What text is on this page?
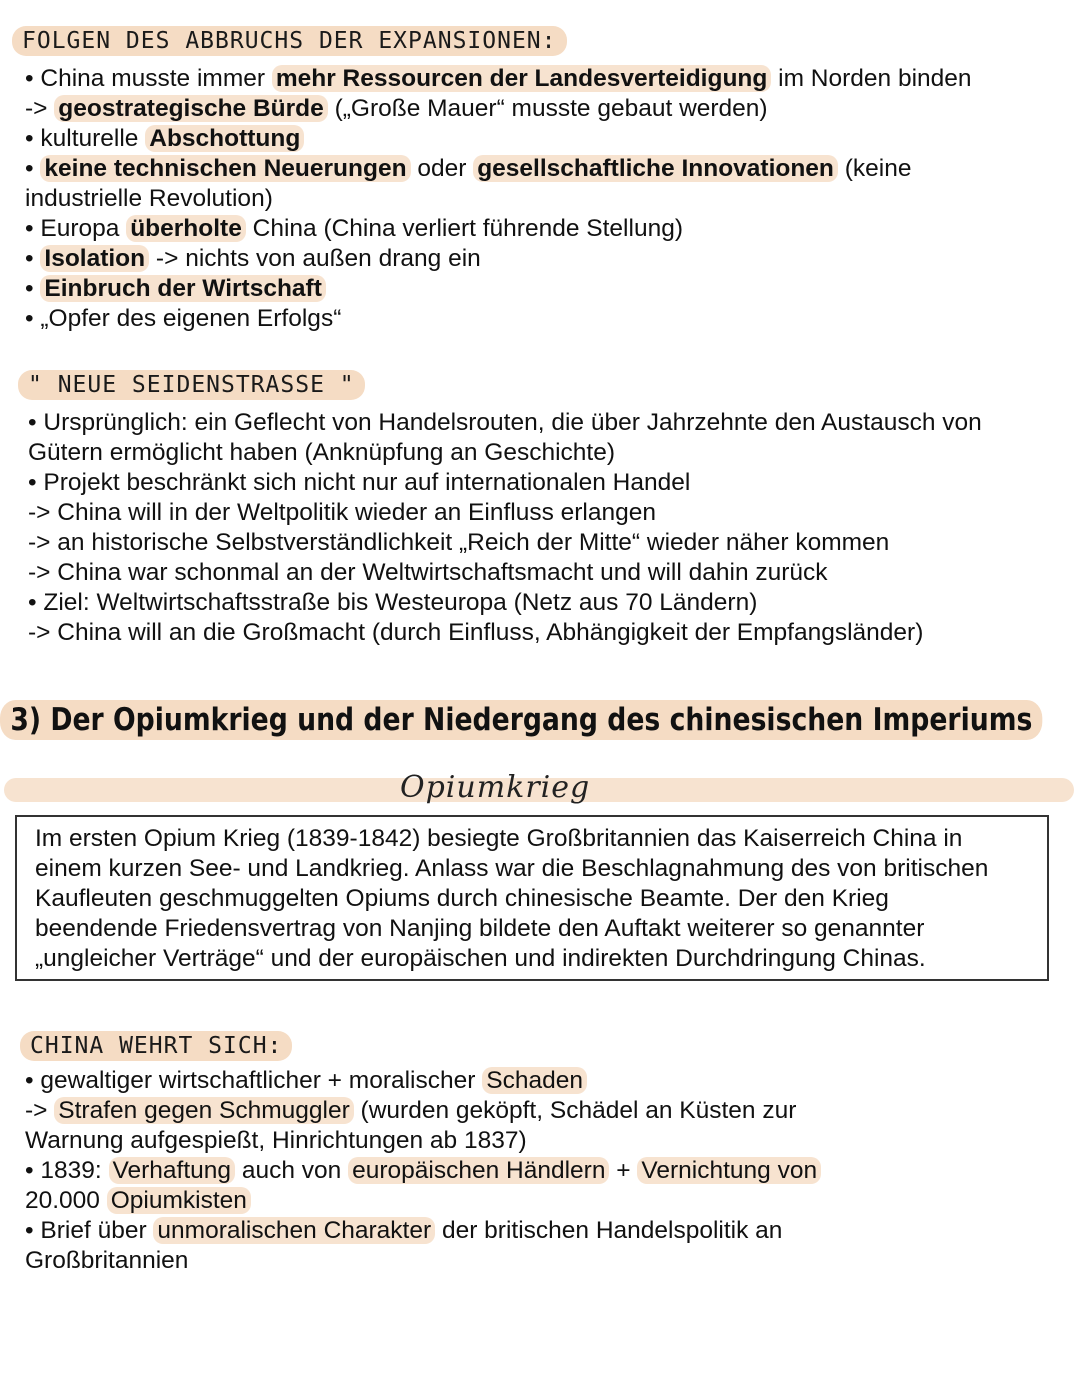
FOLGEN DES ABBRUCHS DER EXPANSIONEN:
• China musste immer mehr Ressourcen der Landesverteidigung im Norden binden
-> geostrategische Bürde („Große Mauer“ musste gebaut werden)
• kulturelle Abschottung
• keine technischen Neuerungen oder gesellschaftliche Innovationen (keine
industrielle Revolution)
• Europa überholte China (China verliert führende Stellung)
• Isolation -> nichts von außen drang ein
• Einbruch der Wirtschaft
• „Opfer des eigenen Erfolgs“
" NEUE SEIDENSTRASSE "
• Ursprünglich: ein Geflecht von Handelsrouten, die über Jahrzehnte den Austausch von
Gütern ermöglicht haben (Anknüpfung an Geschichte)
• Projekt beschränkt sich nicht nur auf internationalen Handel
-> China will in der Weltpolitik wieder an Einfluss erlangen
-> an historische Selbstverständlichkeit „Reich der Mitte“ wieder näher kommen
-> China war schonmal an der Weltwirtschaftsmacht und will dahin zurück
• Ziel: Weltwirtschaftsstraße bis Westeuropa (Netz aus 70 Ländern)
-> China will an die Großmacht (durch Einfluss, Abhängigkeit der Empfangsländer)
3) Der Opiumkrieg und der Niedergang des chinesischen Imperiums
Opiumkrieg
Im ersten Opium Krieg (1839-1842) besiegte Großbritannien das Kaiserreich China in
einem kurzen See- und Landkrieg. Anlass war die Beschlagnahmung des von britischen
Kaufleuten geschmuggelten Opiums durch chinesische Beamte. Der den Krieg
beendende Friedensvertrag von Nanjing bildete den Auftakt weiterer so genannter
„ungleicher Verträge“ und der europäischen und indirekten Durchdringung Chinas.
CHINA WEHRT SICH:
• gewaltiger wirtschaftlicher + moralischer Schaden
-> Strafen gegen Schmuggler (wurden geköpft, Schädel an Küsten zur
Warnung aufgespießt, Hinrichtungen ab 1837)
• 1839: Verhaftung auch von europäischen Händlern + Vernichtung von
20.000 Opiumkisten
• Brief über unmoralischen Charakter der britischen Handelspolitik an
Großbritannien
